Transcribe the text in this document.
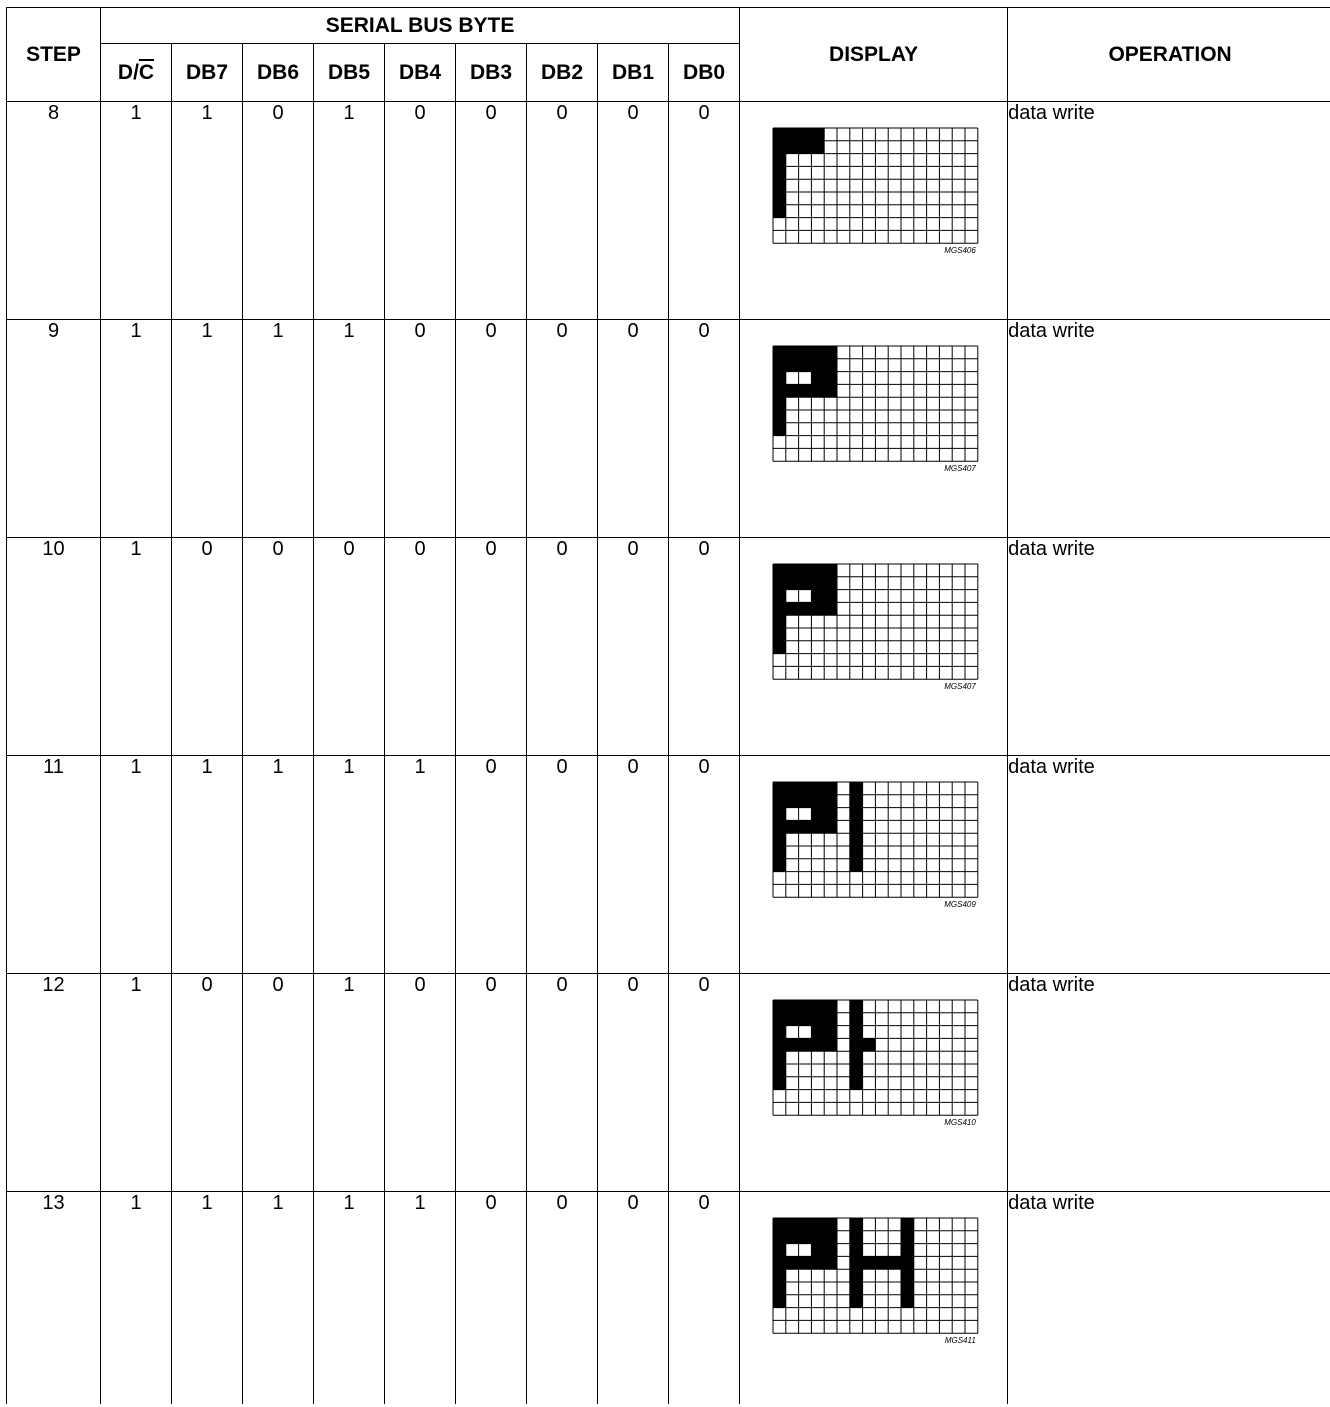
STEP	SERIAL BUS BYTE									DISPLAY	OPERATION
	$D/\overline{C}$	DB7	DB6	DB5	DB4	DB3	DB2	DB1	DB0		
8	1	1	0	1	0	0	0	0	0	MGS406	data write
9	1	1	1	1	0	0	0	0	0	MGS407	data write
10	1	0	0	0	0	0	0	0	0	MGS407	data write
11	1	1	1	1	1	0	0	0	0	MGS409	data write
12	1	0	0	1	0	0	0	0	0	MGS410	data write
13	1	1	1	1	1	0	0	0	0	MGS411	data write
